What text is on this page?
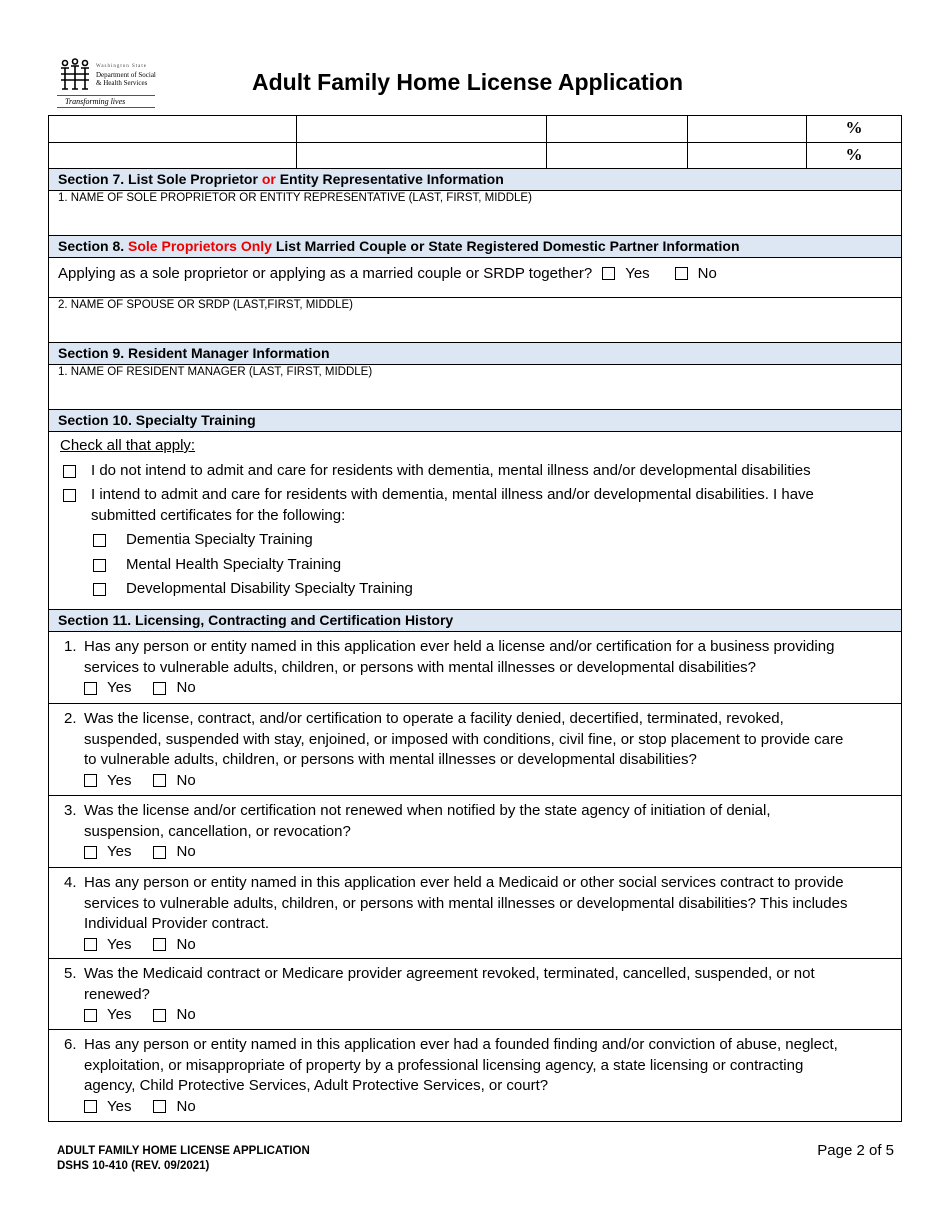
Washington State
Department of Social
& Health Services
Transforming lives
Adult Family Home License Application
%
%
Section 7. List Sole Proprietor or Entity Representative Information
1. NAME OF SOLE PROPRIETOR OR ENTITY REPRESENTATIVE (LAST, FIRST, MIDDLE)
Section 8. Sole Proprietors Only List Married Couple or State Registered Domestic Partner Information
Applying as a sole proprietor or applying as a married couple or SRDP together? Yes	No
2. NAME OF SPOUSE OR SRDP (LAST,FIRST, MIDDLE)
Section 9. Resident Manager Information
1. NAME OF RESIDENT MANAGER (LAST, FIRST, MIDDLE)
Section 10. Specialty Training
Check all that apply:
I do not intend to admit and care for residents with dementia, mental illness and/or developmental disabilities
I intend to admit and care for residents with dementia, mental illness and/or developmental disabilities. I have
submitted certificates for the following:
Dementia Specialty Training
Mental Health Specialty Training
Developmental Disability Specialty Training
Section 11. Licensing, Contracting and Certification History
1. Has any person or entity named in this application ever held a license and/or certification for a business providing
services to vulnerable adults, children, or persons with mental illnesses or developmental disabilities?
Yes	No
2. Was the license, contract, and/or certification to operate a facility denied, decertified, terminated, revoked,
suspended, suspended with stay, enjoined, or imposed with conditions, civil fine, or stop placement to provide care
to vulnerable adults, children, or persons with mental illnesses or developmental disabilities?
Yes	No
3. Was the license and/or certification not renewed when notified by the state agency of initiation of denial,
suspension, cancellation, or revocation?
Yes	No
4. Has any person or entity named in this application ever held a Medicaid or other social services contract to provide
services to vulnerable adults, children, or persons with mental illnesses or developmental disabilities? This includes
Individual Provider contract.
Yes	No
5. Was the Medicaid contract or Medicare provider agreement revoked, terminated, cancelled, suspended, or not
renewed?
Yes	No
6. Has any person or entity named in this application ever had a founded finding and/or conviction of abuse, neglect,
exploitation, or misappropriate of property by a professional licensing agency, a state licensing or contracting
agency, Child Protective Services, Adult Protective Services, or court?
Yes	No
ADULT FAMILY HOME LICENSE APPLICATION
DSHS 10-410 (REV. 09/2021)
Page 2 of 5
